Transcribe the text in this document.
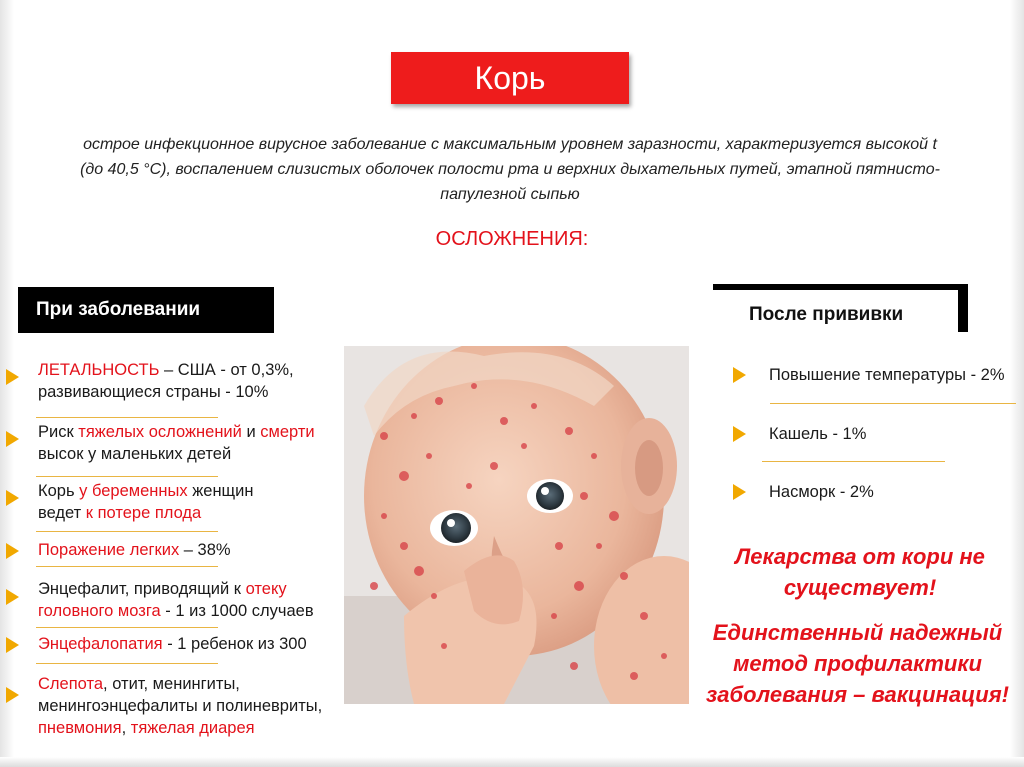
Корь
острое инфекционное вирусное заболевание с максимальным уровнем заразности, характеризуется высокой t
(до 40,5 °С), воспалением слизистых оболочек полости рта и верхних дыхательных путей, этапной пятнисто-
папулезной сыпью
ОСЛОЖНЕНИЯ:
При заболевании
ЛЕТАЛЬНОСТЬ – США - от 0,3%,
развивающиеся страны - 10%
Риск тяжелых осложнений и смерти
высок у маленьких детей
Корь у беременных женщин
ведет к потере плода
Поражение легких – 38%
Энцефалит, приводящий к отеку
головного мозга - 1 из 1000 случаев
Энцефалопатия - 1 ребенок из 300
Слепота, отит, менингиты,
менингоэнцефалиты и полиневриты,
пневмония, тяжелая диарея
После прививки
Повышение температуры - 2%
Кашель - 1%
Насморк - 2%
Лекарства от кори не
существует!
Единственный надежный
метод профилактики
заболевания – вакцинация!
